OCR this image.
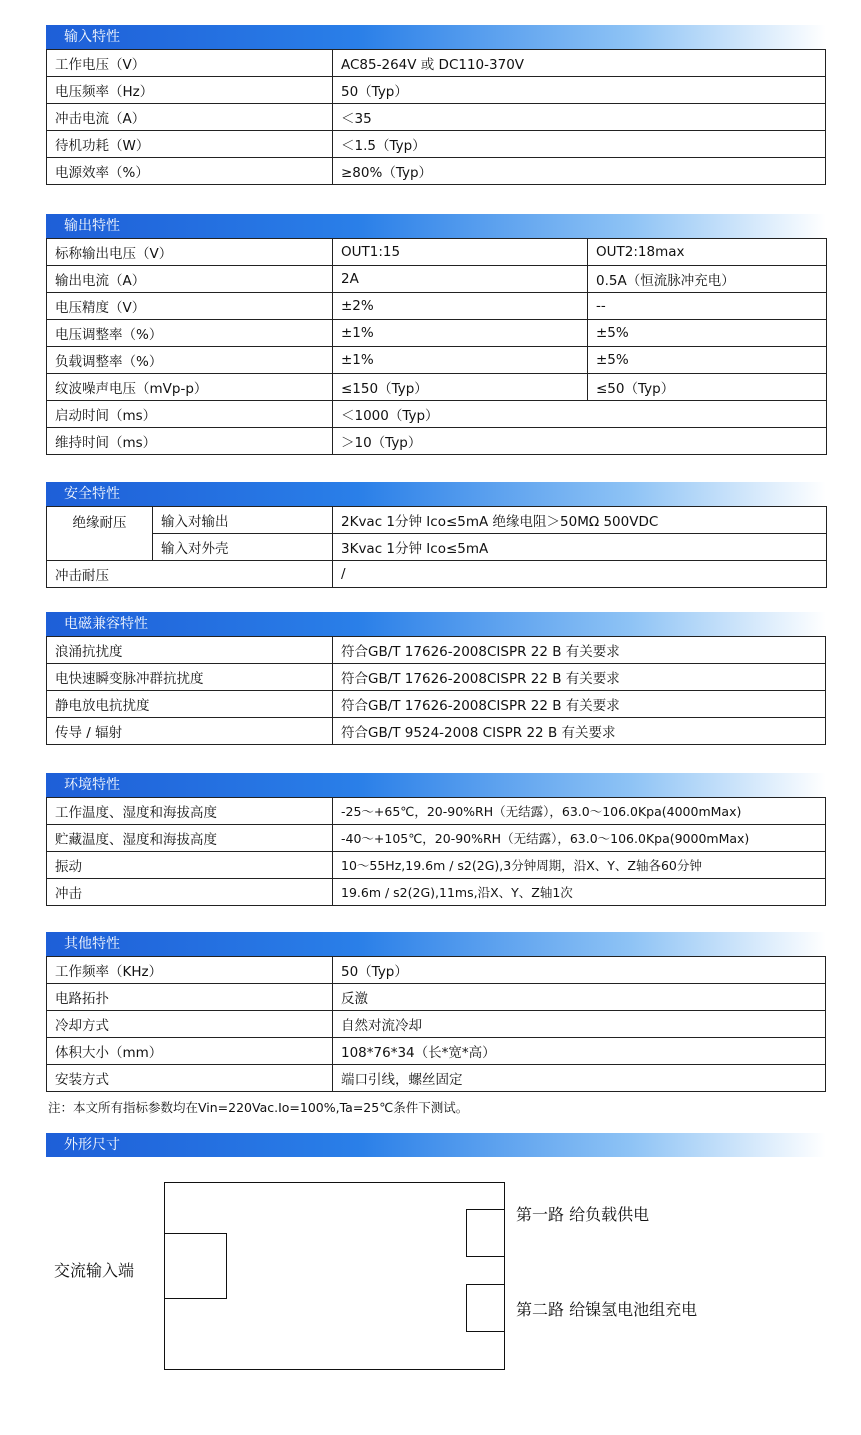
输入特性
工作电压（V）	AC85-264V 或 DC110-370V
电压频率（Hz）	50（Typ）
冲击电流（A）	＜35
待机功耗（W）	＜1.5（Typ）
电源效率（%）	≥80%（Typ）
输出特性
标称输出电压（V）	OUT1:15	OUT2:18max
输出电流（A）	2A	0.5A（恒流脉冲充电）
电压精度（V）	±2%	--
电压调整率（%）	±1%	±5%
负载调整率（%）	±1%	±5%
纹波噪声电压（mVp-p）	≤150（Typ）	≤50（Typ）
启动时间（ms）	＜1000（Typ）	
维持时间（ms）	＞10（Typ）	
安全特性
绝缘耐压	输入对输出	2Kvac 1分钟 Ico≤5mA 绝缘电阻＞50MΩ 500VDC
	输入对外壳	3Kvac 1分钟 Ico≤5mA
冲击耐压		/
电磁兼容特性
浪涌抗扰度	符合GB/T 17626-2008CISPR 22 B 有关要求
电快速瞬变脉冲群抗扰度	符合GB/T 17626-2008CISPR 22 B 有关要求
静电放电抗扰度	符合GB/T 17626-2008CISPR 22 B 有关要求
传导 / 辐射	符合GB/T 9524-2008 CISPR 22 B 有关要求
环境特性
工作温度、湿度和海拔高度	-25～+65℃，20-90%RH（无结露），63.0～106.0Kpa(4000mMax)
贮藏温度、湿度和海拔高度	-40～+105℃，20-90%RH（无结露），63.0～106.0Kpa(9000mMax)
振动	10～55Hz,19.6m / s2(2G),3分钟周期，沿X、Y、Z轴各60分钟
冲击	19.6m / s2(2G),11ms,沿X、Y、Z轴1次
其他特性
工作频率（KHz）	50（Typ）
电路拓扑	反激
冷却方式	自然对流冷却
体积大小（mm）	108*76*34（长*宽*高）
安装方式	端口引线，螺丝固定
注：本文所有指标参数均在Vin=220Vac.Io=100%,Ta=25℃条件下测试。
外形尺寸
交流输入端
第一路 给负载供电
第二路 给镍氢电池组充电
